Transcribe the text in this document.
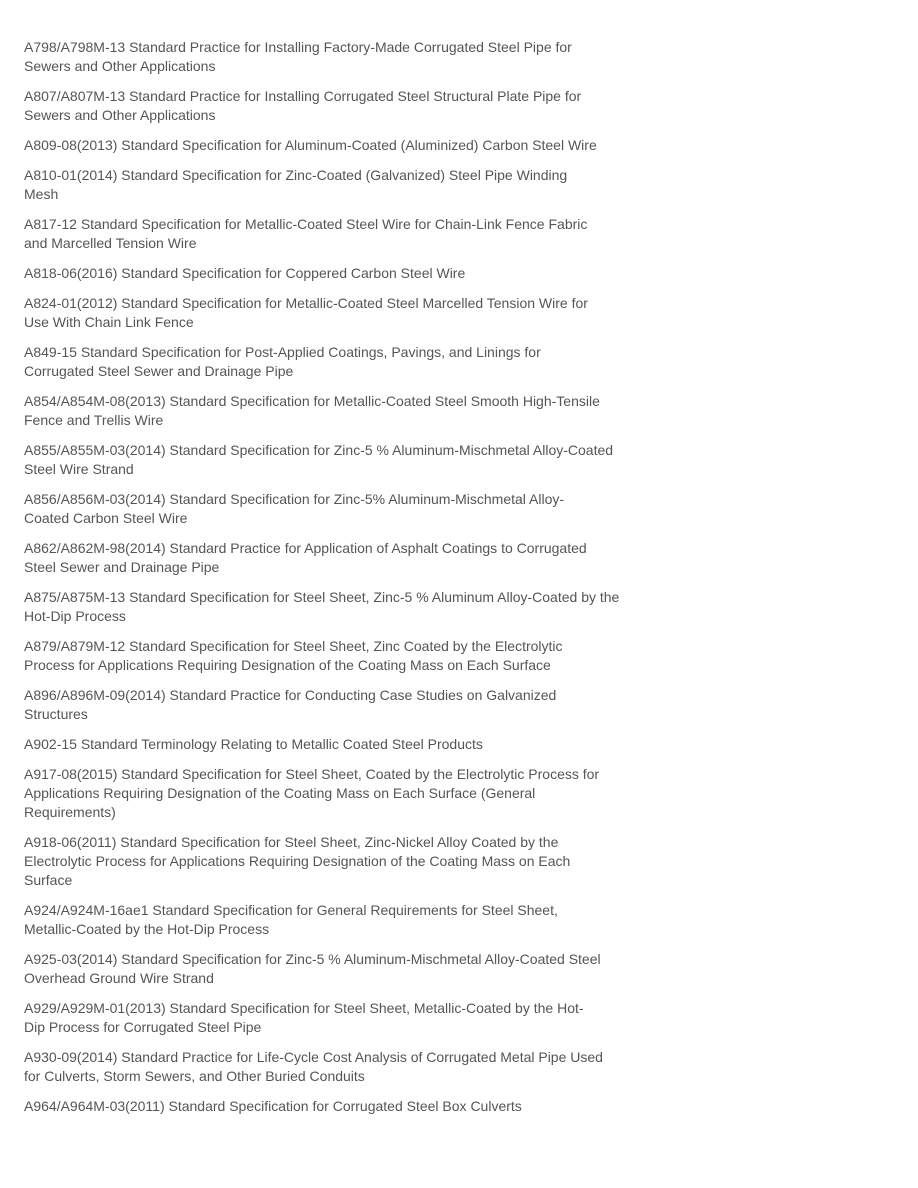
A798/A798M-13 Standard Practice for Installing Factory-Made Corrugated Steel Pipe for
Sewers and Other Applications
A807/A807M-13 Standard Practice for Installing Corrugated Steel Structural Plate Pipe for
Sewers and Other Applications
A809-08(2013) Standard Specification for Aluminum-Coated (Aluminized) Carbon Steel Wire
A810-01(2014) Standard Specification for Zinc-Coated (Galvanized) Steel Pipe Winding
Mesh
A817-12 Standard Specification for Metallic-Coated Steel Wire for Chain-Link Fence Fabric
and Marcelled Tension Wire
A818-06(2016) Standard Specification for Coppered Carbon Steel Wire
A824-01(2012) Standard Specification for Metallic-Coated Steel Marcelled Tension Wire for
Use With Chain Link Fence
A849-15 Standard Specification for Post-Applied Coatings, Pavings, and Linings for
Corrugated Steel Sewer and Drainage Pipe
A854/A854M-08(2013) Standard Specification for Metallic-Coated Steel Smooth High-Tensile
Fence and Trellis Wire
A855/A855M-03(2014) Standard Specification for Zinc-5 % Aluminum-Mischmetal Alloy-Coated
Steel Wire Strand
A856/A856M-03(2014) Standard Specification for Zinc-5% Aluminum-Mischmetal Alloy-
Coated Carbon Steel Wire
A862/A862M-98(2014) Standard Practice for Application of Asphalt Coatings to Corrugated
Steel Sewer and Drainage Pipe
A875/A875M-13 Standard Specification for Steel Sheet, Zinc-5 % Aluminum Alloy-Coated by the
Hot-Dip Process
A879/A879M-12 Standard Specification for Steel Sheet, Zinc Coated by the Electrolytic
Process for Applications Requiring Designation of the Coating Mass on Each Surface
A896/A896M-09(2014) Standard Practice for Conducting Case Studies on Galvanized
Structures
A902-15 Standard Terminology Relating to Metallic Coated Steel Products
A917-08(2015) Standard Specification for Steel Sheet, Coated by the Electrolytic Process for
Applications Requiring Designation of the Coating Mass on Each Surface (General
Requirements)
A918-06(2011) Standard Specification for Steel Sheet, Zinc-Nickel Alloy Coated by the
Electrolytic Process for Applications Requiring Designation of the Coating Mass on Each
Surface
A924/A924M-16ae1 Standard Specification for General Requirements for Steel Sheet,
Metallic-Coated by the Hot-Dip Process
A925-03(2014) Standard Specification for Zinc-5 % Aluminum-Mischmetal Alloy-Coated Steel
Overhead Ground Wire Strand
A929/A929M-01(2013) Standard Specification for Steel Sheet, Metallic-Coated by the Hot-
Dip Process for Corrugated Steel Pipe
A930-09(2014) Standard Practice for Life-Cycle Cost Analysis of Corrugated Metal Pipe Used
for Culverts, Storm Sewers, and Other Buried Conduits
A964/A964M-03(2011) Standard Specification for Corrugated Steel Box Culverts
